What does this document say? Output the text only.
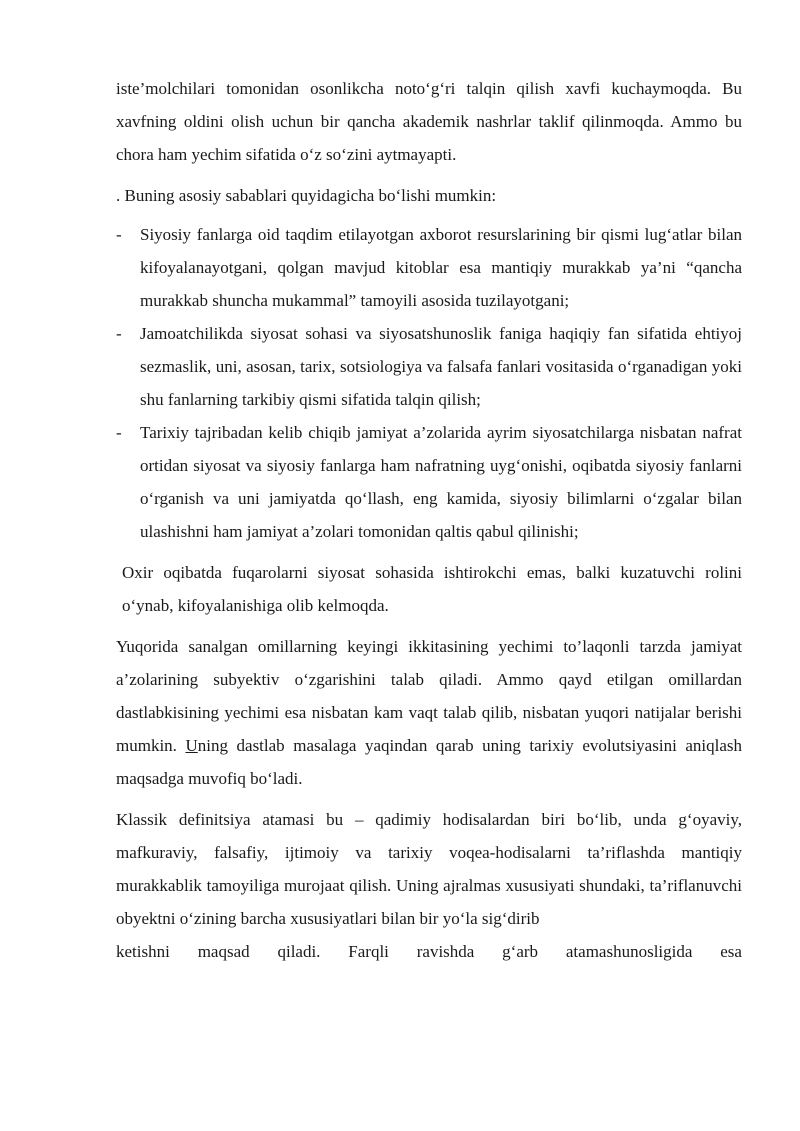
iste’molchilari tomonidan osonlikcha noto‘g‘ri talqin qilish xavfi kuchaymoqda. Bu xavfning oldini olish uchun bir qancha akademik nashrlar taklif qilinmoqda. Ammo bu chora ham yechim sifatida o‘z so‘zini aytmayapti.

. Buning asosiy sabablari quyidagicha bo‘lishi mumkin:

- Siyosiy fanlarga oid taqdim etilayotgan axborot resurslarining bir qismi lug‘atlar bilan kifoyalanayotgani, qolgan mavjud kitoblar esa mantiqiy murakkab ya’ni “qancha murakkab shuncha mukammal” tamoyili asosida tuzilayotgani;
- Jamoatchilikda siyosat sohasi va siyosatshunoslik faniga haqiqiy fan sifatida ehtiyoj sezmaslik, uni, asosan, tarix, sotsiologiya va falsafa fanlari vositasida o‘rganadigan yoki shu fanlarning tarkibiy qismi sifatida talqin qilish;
- Tarixiy tajribadan kelib chiqib jamiyat a’zolarida ayrim siyosatchilarga nisbatan nafrat ortidan siyosat va siyosiy fanlarga ham nafratning uyg‘onishi, oqibatda siyosiy fanlarni o‘rganish va uni jamiyatda qo‘llash, eng kamida, siyosiy bilimlarni o‘zgalar bilan ulashishni ham jamiyat a’zolari tomonidan qaltis qabul qilinishi;

Oxir oqibatda fuqarolarni siyosat sohasida ishtirokchi emas, balki kuzatuvchi rolini o‘ynab, kifoyalanishiga olib kelmoqda.

Yuqorida sanalgan omillarning keyingi ikkitasining yechimi to’laqonli tarzda jamiyat a’zolarining subyektiv o‘zgarishini talab qiladi. Ammo qayd etilgan omillardan dastlabkisining yechimi esa nisbatan kam vaqt talab qilib, nisbatan yuqori natijalar berishi mumkin. Uning dastlab masalaga yaqindan qarab uning tarixiy evolutsiyasini aniqlash maqsadga muvofiq bo‘ladi.

Klassik definitsiya atamasi bu – qadimiy hodisalardan biri bo‘lib, unda g‘oyaviy, mafkuraviy, falsafiy, ijtimoiy va tarixiy voqea-hodisalarni ta’riflashda mantiqiy murakkablik tamoyiliga murojaat qilish. Uning ajralmas xususiyati shundaki, ta’riflanuvchi obyektni o‘zining barcha xususiyatlari bilan bir yo‘la sig‘dirib

ketishni maqsad qiladi. Farqli ravishda g‘arb atamashunosligida esa
